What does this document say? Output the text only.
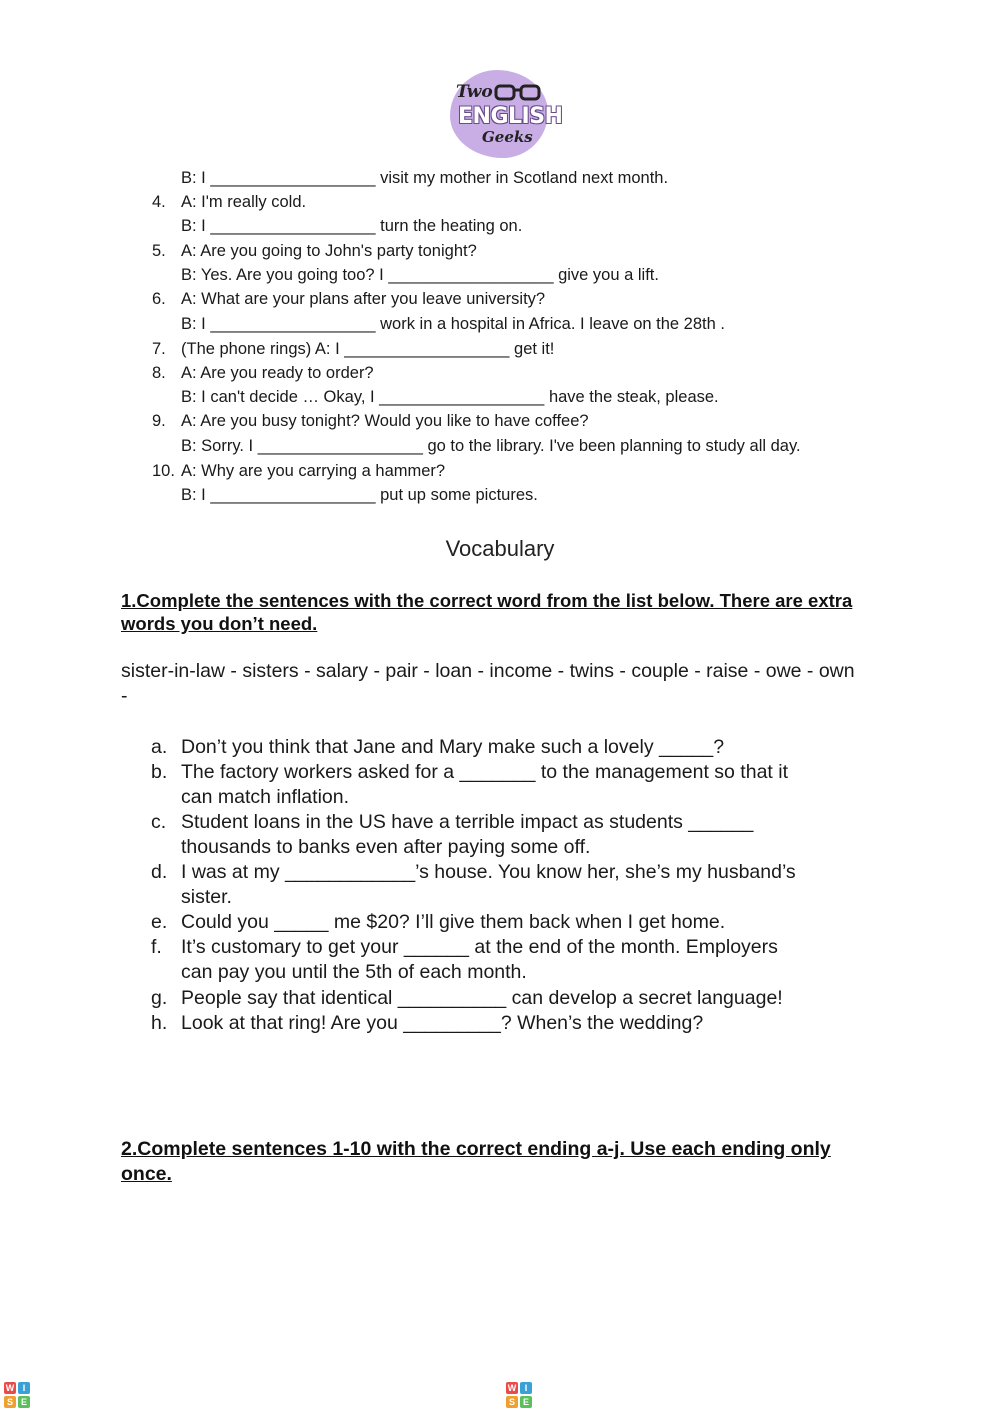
Two
ENGLISH
Geeks
B: I __________________ visit my mother in Scotland next month.
4. A: I'm really cold.
B: I __________________ turn the heating on.
5. A: Are you going to John's party tonight?
B: Yes. Are you going too? I __________________ give you a lift.
6. A: What are your plans after you leave university?
B: I __________________ work in a hospital in Africa. I leave on the 28th .
7. (The phone rings) A: I __________________ get it!
8. A: Are you ready to order?
B: I can't decide … Okay, I __________________ have the steak, please.
9. A: Are you busy tonight? Would you like to have coffee?
B: Sorry. I __________________ go to the library. I've been planning to study all day.
10. A: Why are you carrying a hammer?
B: I __________________ put up some pictures.
Vocabulary
1.Complete the sentences with the correct word from the list below. There are extra words you don’t need.
sister-in-law - sisters - salary - pair - loan - income - twins - couple - raise - owe - own -
a. Don’t you think that Jane and Mary make such a lovely _____?
b. The factory workers asked for a _______ to the management so that it
can match inflation.
c. Student loans in the US have a terrible impact as students ______
thousands to banks even after paying some off.
d. I was at my ____________’s house. You know her, she’s my husband’s
sister.
e. Could you _____ me $20? I’ll give them back when I get home.
f. It’s customary to get your ______ at the end of the month. Employers
can pay you until the 5th of each month.
g. People say that identical __________ can develop a secret language!
h. Look at that ring! Are you _________? When’s the wedding?
2.Complete sentences 1-10 with the correct ending a-j. Use each ending only once.
W I
S E WISEWORKSHEETS.COM	W I
S E WISEWORKSHEETS.COM
